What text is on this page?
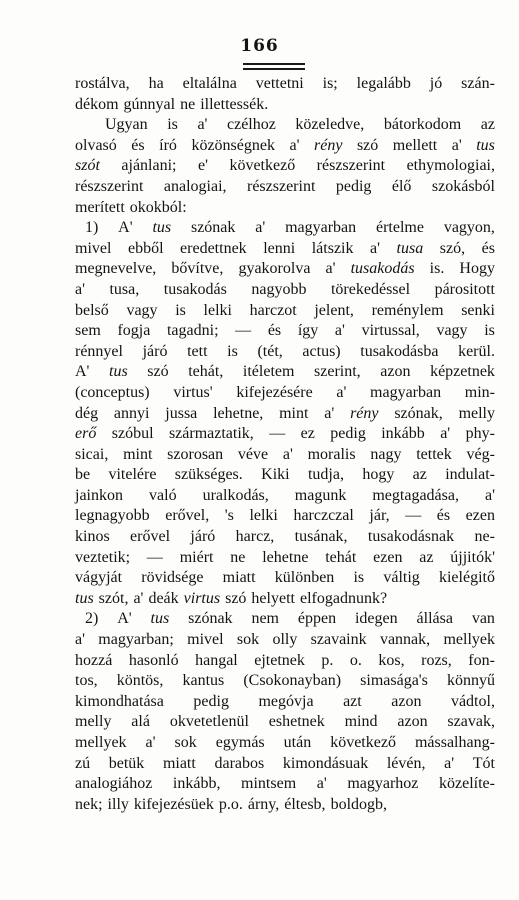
166
rostálva, ha eltalálna vettetni is; legalább jó szán-
dékom gúnnyal ne illettessék.
Ugyan is a' czélhoz közeledve, bátorkodom az
olvasó és író közönségnek a' rény szó mellett a' tus
szót ajánlani; e' következő részszerint ethymologiai,
részszerint analogiai, részszerint pedig élő szokásból
merített okokból:
1) A' tus szónak a' magyarban értelme vagyon,
mivel ebből eredettnek lenni látszik a' tusa szó, és
megnevelve, bővítve, gyakorolva a' tusakodás is. Hogy
a' tusa, tusakodás nagyobb törekedéssel párositott
belső vagy is lelki harczot jelent, reménylem senki
sem fogja tagadni; — és így a' virtussal, vagy is
rénnyel járó tett is (tét, actus) tusakodásba kerül.
A' tus szó tehát, itéletem szerint, azon képzetnek
(conceptus) virtus' kifejezésére a' magyarban min-
dég annyi jussa lehetne, mint a' rény szónak, melly
erő szóbul származtatik, — ez pedig inkább a' phy-
sicai, mint szorosan véve a' moralis nagy tettek vég-
be vitelére szükséges. Kiki tudja, hogy az indulat-
jainkon való uralkodás, magunk megtagadása, a'
legnagyobb erővel, 's lelki harczczal jár, — és ezen
kinos erővel járó harcz, tusának, tusakodásnak ne-
veztetik; — miért ne lehetne tehát ezen az újjitók'
vágyját rövidsége miatt különben is váltig kielégitő
tus szót, a' deák virtus szó helyett elfogadnunk?
2) A' tus szónak nem éppen idegen állása van
a' magyarban; mivel sok olly szavaink vannak, mellyek
hozzá hasonló hangal ejtetnek p. o. kos, rozs, fon-
tos, köntös, kantus (Csokonayban) simasága's könnyű
kimondhatása pedig megóvja azt azon vádtol,
melly alá okvetetlenül eshetnek mind azon szavak,
mellyek a' sok egymás után következő mássalhang-
zú betük miatt darabos kimondásuak lévén, a' Tót
analogiához inkább, mintsem a' magyarhoz közelíte-
nek; illy kifejezésüek p.o. árny, éltesb, boldogb,
